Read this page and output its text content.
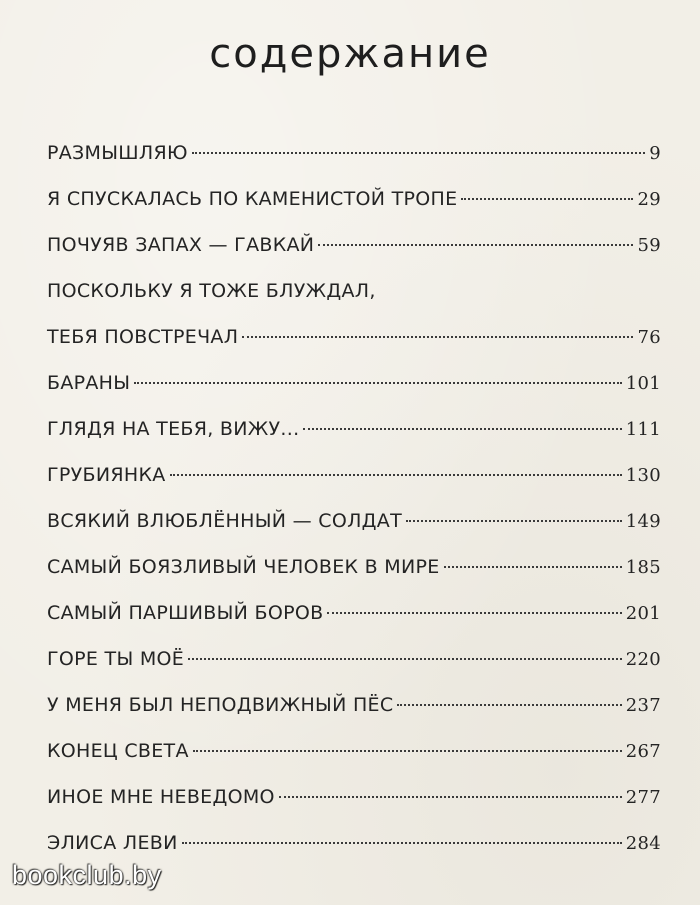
содержание
РАЗМЫШЛЯЮ	9
Я СПУСКАЛАСЬ ПО КАМЕНИСТОЙ ТРОПЕ	29
ПОЧУЯВ ЗАПАХ — ГАВКАЙ	59
ПОСКОЛЬКУ Я ТОЖЕ БЛУЖДАЛ,
ТЕБЯ ПОВСТРЕЧАЛ	76
БАРАНЫ	101
ГЛЯДЯ НА ТЕБЯ, ВИЖУ...	111
ГРУБИЯНКА	130
ВСЯКИЙ ВЛЮБЛЁННЫЙ — СОЛДАТ	149
САМЫЙ БОЯЗЛИВЫЙ ЧЕЛОВЕК В МИРЕ	185
САМЫЙ ПАРШИВЫЙ БОРОВ	201
ГОРЕ ТЫ МОЁ	220
У МЕНЯ БЫЛ НЕПОДВИЖНЫЙ ПЁС	237
КОНЕЦ СВЕТА	267
ИНОЕ МНЕ НЕВЕДОМО	277
ЭЛИСА ЛЕВИ	284
bookclub.by
